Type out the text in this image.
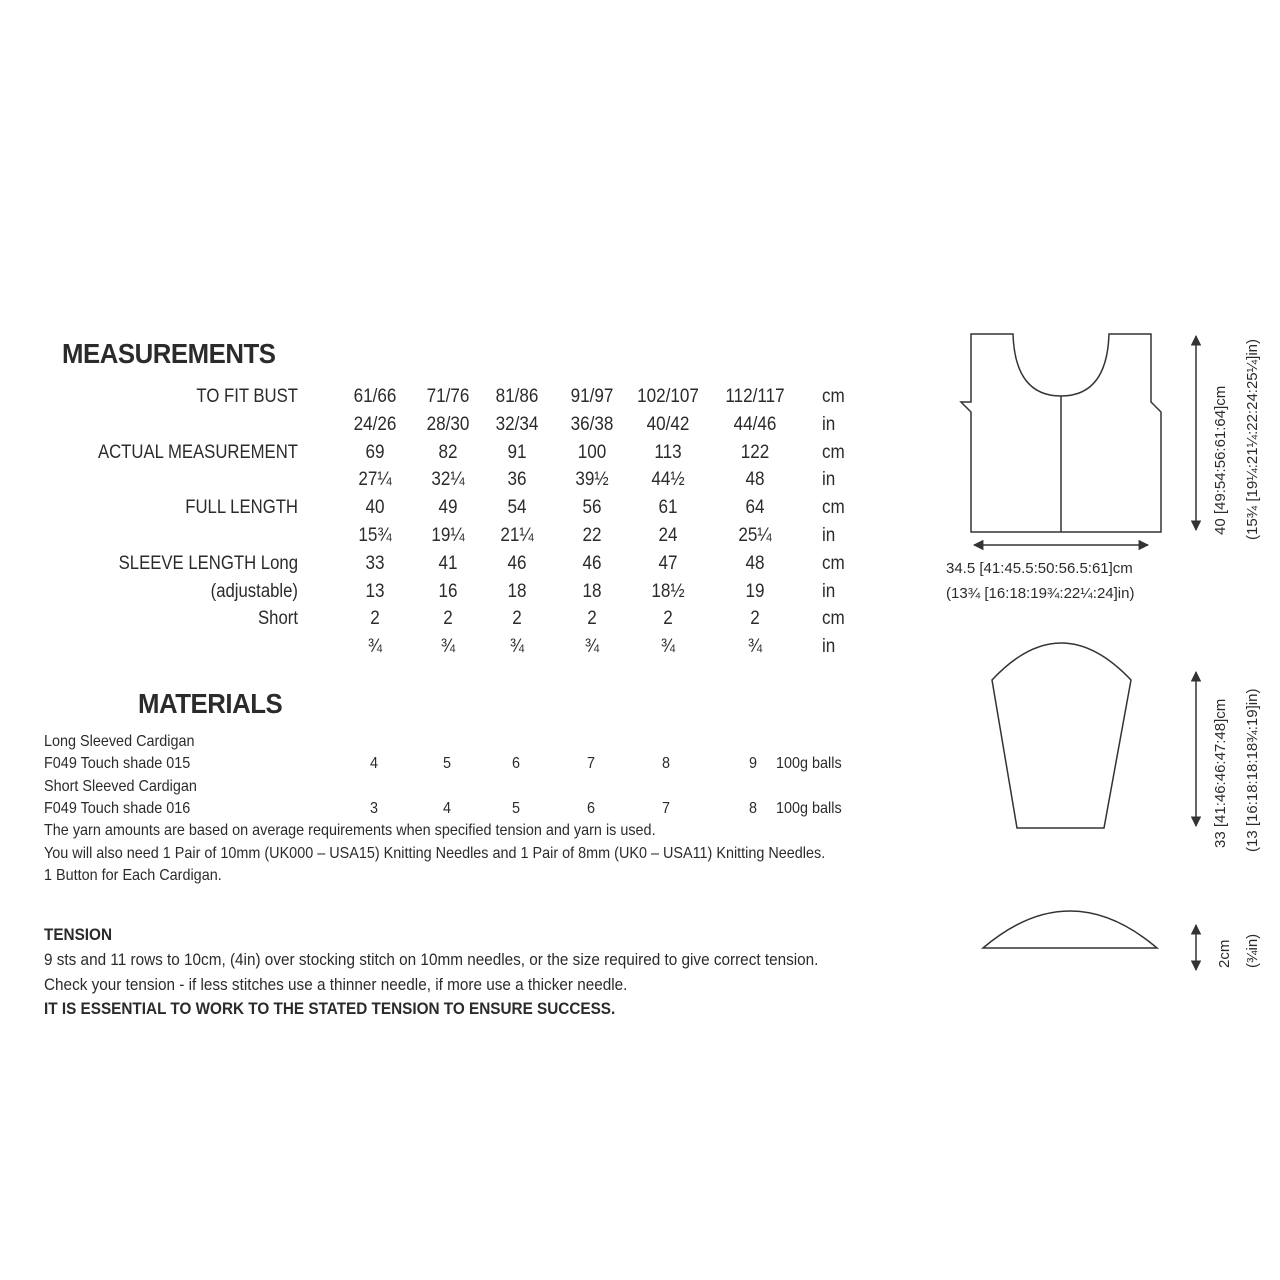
MEASUREMENTS
TO FIT BUST	61/66	71/76	81/86	91/97	102/107	112/117	cm
24/26	28/30	32/34	36/38	40/42	44/46	in
ACTUAL MEASUREMENT	69	82	91	100	113	122	cm
27¼	32¼	36	39½	44½	48	in
FULL LENGTH	40	49	54	56	61	64	cm
15¾	19¼	21¼	22	24	25¼	in
SLEEVE LENGTH Long	33	41	46	46	47	48	cm
(adjustable)	13	16	18	18	18½	19	in
Short	2	2	2	2	2	2	cm
¾	¾	¾	¾	¾	¾	in
MATERIALS
Long Sleeved Cardigan
F049 Touch shade 015	4	5	6	7	8	9	100g balls
Short Sleeved Cardigan
F049 Touch shade 016	3	4	5	6	7	8	100g balls
The yarn amounts are based on average requirements when specified tension and yarn is used.
You will also need 1 Pair of 10mm (UK000 – USA15) Knitting Needles and 1 Pair of 8mm (UK0 – USA11) Knitting Needles.
1 Button for Each Cardigan.
TENSION
9 sts and 11 rows to 10cm, (4in) over stocking stitch on 10mm needles, or the size required to give correct tension.
Check your tension - if less stitches use a thinner needle, if more use a thicker needle.
IT IS ESSENTIAL TO WORK TO THE STATED TENSION TO ENSURE SUCCESS.
40 [49:54:56:61:64]cm (15¾ [19¼:21¼:22:24:25¼]in)
34.5 [41:45.5:50:56.5:61]cm
(13¾ [16:18:19¾:22¼:24]in)
33 [41:46:46:47:48]cm (13 [16:18:18:18¾:19]in)
2cm (¾in)
